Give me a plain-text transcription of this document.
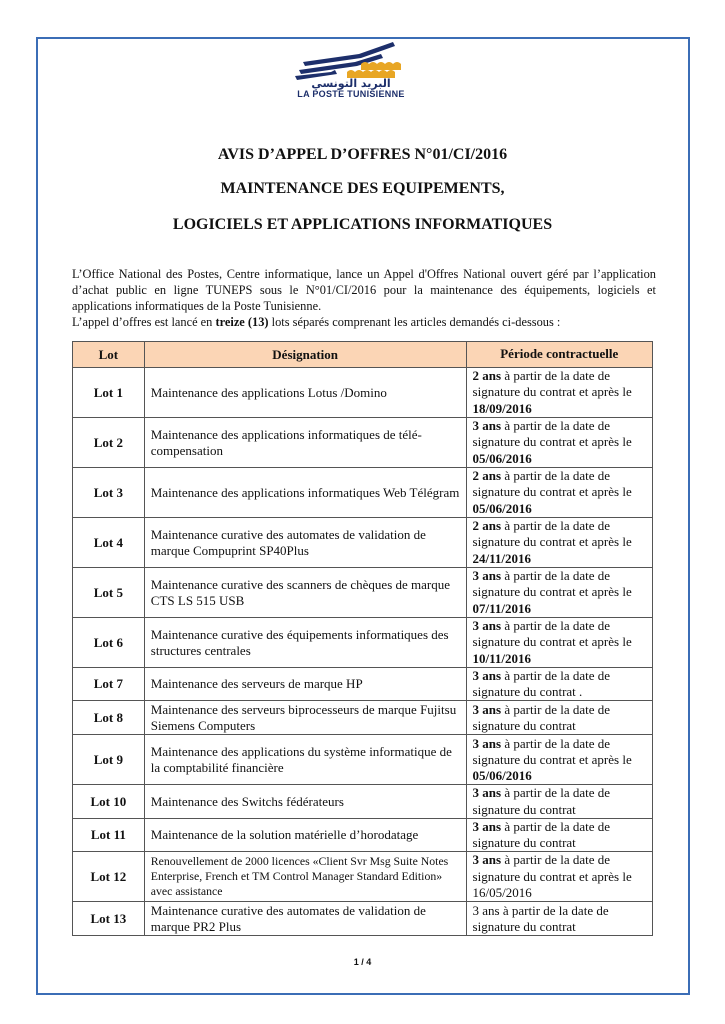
البريد التونسي
LA POSTE TUNISIENNE
AVIS D’APPEL D’OFFRES N°01/CI/2016
MAINTENANCE DES EQUIPEMENTS,
LOGICIELS ET APPLICATIONS INFORMATIQUES

L’Office National des Postes, Centre informatique, lance un Appel d'Offres National ouvert géré par l’application d’achat public en ligne TUNEPS sous le N°01/CI/2016 pour la maintenance des équipements, logiciels et applications informatiques de la Poste Tunisienne.

L’appel d’offres est lancé en treize (13) lots séparés comprenant les articles demandés ci-dessous :

Lot	Désignation	Période contractuelle
Lot 1	Maintenance des applications Lotus /Domino	2 ans à partir de la date de signature du contrat et après le 18/09/2016
Lot 2	Maintenance des applications informatiques de télé-compensation	3 ans à partir de la date de signature du contrat et après le 05/06/2016
Lot 3	Maintenance des applications informatiques Web Télégram	2 ans à partir de la date de signature du contrat et après le 05/06/2016
Lot 4	Maintenance curative des automates de validation de marque Compuprint SP40Plus	2 ans à partir de la date de signature du contrat et après le 24/11/2016
Lot 5	Maintenance curative des scanners de chèques de marque CTS LS 515 USB	3 ans à partir de la date de signature du contrat et après le 07/11/2016
Lot 6	Maintenance curative des équipements informatiques des structures centrales	3 ans à partir de la date de signature du contrat et après le 10/11/2016
Lot 7	Maintenance des serveurs de marque HP	3 ans à partir de la date de signature du contrat .
Lot 8	Maintenance des serveurs biprocesseurs de marque Fujitsu Siemens Computers	3 ans à partir de la date de signature du contrat
Lot 9	Maintenance des applications du système informatique de la comptabilité financière	3 ans à partir de la date de signature du contrat et après le 05/06/2016
Lot 10	Maintenance des Switchs fédérateurs	3 ans à partir de la date de signature du contrat
Lot 11	Maintenance de la solution matérielle d’horodatage	3 ans à partir de la date de signature du contrat
Lot 12	Renouvellement de 2000 licences «Client Svr Msg Suite Notes Enterprise, French et TM Control Manager Standard Edition» avec assistance	3 ans à partir de la date de signature du contrat et après le 16/05/2016
Lot 13	Maintenance curative des automates de validation de marque PR2 Plus	3 ans à partir de la date de signature du contrat
1 / 4
